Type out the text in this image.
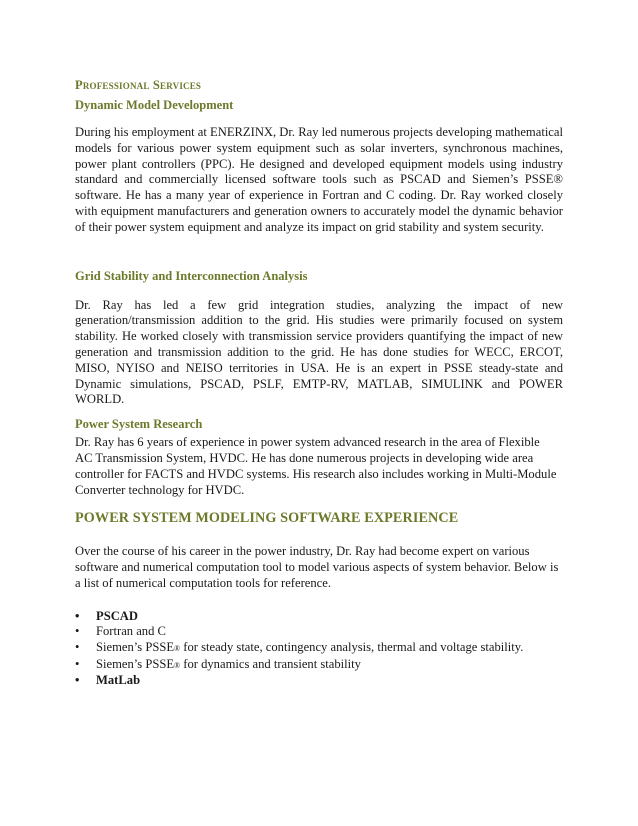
Professional Services
Dynamic Model Development

During his employment at ENERZINX, Dr. Ray led numerous projects developing mathematical models for various power system equipment such as solar inverters, synchronous machines, power plant controllers (PPC). He designed and developed equipment models using industry standard and commercially licensed software tools such as PSCAD and Siemen’s PSSE® software. He has a many year of experience in Fortran and C coding. Dr. Ray worked closely with equipment manufacturers and generation owners to accurately model the dynamic behavior of their power system equipment and analyze its impact on grid stability and system security.

Grid Stability and Interconnection Analysis

Dr. Ray has led a few grid integration studies, analyzing the impact of new generation/transmission addition to the grid. His studies were primarily focused on system stability. He worked closely with transmission service providers quantifying the impact of new generation and transmission addition to the grid. He has done studies for WECC, ERCOT, MISO, NYISO and NEISO territories in USA. He is an expert in PSSE steady-state and Dynamic simulations, PSCAD, PSLF, EMTP-RV, MATLAB, SIMULINK and POWER WORLD.

Power System Research
Dr. Ray has 6 years of experience in power system advanced research in the area of Flexible
AC Transmission System, HVDC. He has done numerous projects in developing wide area
controller for FACTS and HVDC systems. His research also includes working in Multi-Module
Converter technology for HVDC.
POWER SYSTEM MODELING SOFTWARE EXPERIENCE
Over the course of his career in the power industry, Dr. Ray had become expert on various
software and numerical computation tool to model various aspects of system behavior. Below is
a list of numerical computation tools for reference.
• PSCAD
• Fortran and C
• Siemen’s PSSE® for steady state, contingency analysis, thermal and voltage stability.
• Siemen’s PSSE® for dynamics and transient stability
• MatLab
